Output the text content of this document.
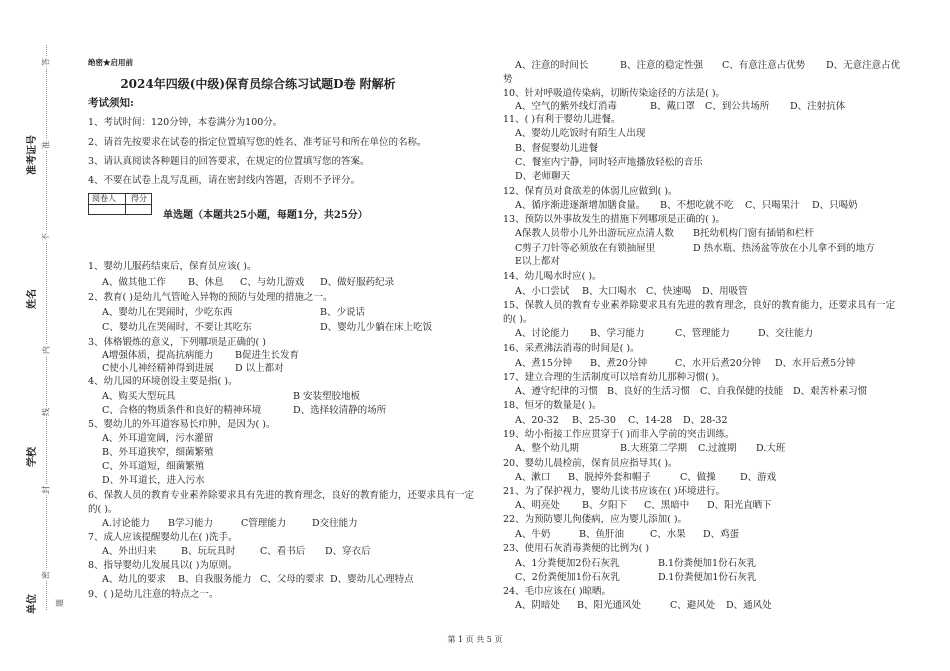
答
准
不
内
线
封
密
题
准考证号
姓名
学校
单位
绝密★启用前
2024年四级(中级)保育员综合练习试题D卷 附解析
考试须知:
1、考试时间：120分钟，本卷满分为100分。
2、请首先按要求在试卷的指定位置填写您的姓名、准考证号和所在单位的名称。
3、请认真阅读各种题目的回答要求，在规定的位置填写您的答案。
4、不要在试卷上乱写乱画，请在密封线内答题，否则不予评分。
阅卷人 得分
单选题（本题共25小题，每题1分，共25分）
1、婴幼儿服药结束后，保育员应该( )。
A、做其他工作 B、休息 C、与幼儿游戏 D、做好服药纪录
2、教育( )是幼儿气管呛入异物的预防与处理的措施之一。
A、婴幼儿在哭闹时，少吃东西	B、少说话
C、婴幼儿在哭闹时，不要让其吃东	D、婴幼儿少躺在床上吃饭
3、体格锻炼的意义，下列哪项是正确的( )
A增强体质，提高抗病能力 B促进生长发育
C使小儿神经精神得到进展 D 以上都对
4、幼儿园的环境创设主要是指( )。
A、购买大型玩具	B 安装塑胶地板
C、合格的物质条件和良好的精神环境	D、选择较清静的场所
5、婴幼儿的外耳道容易长疖肿，是因为( )。
A、外耳道宽阔，污水灌留
B、外耳道狭窄，细菌繁殖
C、外耳道短，细菌繁殖
D、外耳道长，进入污水
6、保教人员的教育专业素养除要求具有先进的教育理念，良好的教育能力，还要求具有一定
的( )。
A.讨论能力 B学习能力	C管理能力	D交往能力
7、成人应该提醒婴幼儿在( )洗手。
A、外出归来	B、玩玩具时	C、看书后 D、穿衣后
8、指导婴幼儿发展具以( )为原则。
A、幼儿的要求 B、自我服务能力 C、父母的要求 D、婴幼儿心理特点
9、( )是幼儿注意的特点之一。
A、注意的时间长	B、注意的稳定性强 C、有意注意占优势 D、无意注意占优
势
10、针对呼吸道传染病，切断传染途径的方法是( )。
A、空气的紫外线灯消毒	B、戴口罩 C、到公共场所 D、注射抗体
11、( )有利于婴幼儿进餐。
A、婴幼儿吃饭时有陌生人出现
B、督促婴幼儿进餐
C、餐室内宁静，同时轻声地播放轻松的音乐
D、老师聊天
12、保育员对食欲差的体弱儿应做到( )。
A、循序渐进逐渐增加膳食量。 B、不想吃就不吃 C、只喝果汁 D、只喝奶
13、预防以外事故发生的措施下列哪项是正确的( )。
A保教人员带小儿外出游玩应点清人数 B托幼机构门窗有插销和栏杆
C剪子刀针等必须放在有锁抽屉里	D 热水瓶、热汤盆等放在小儿拿不到的地方
E以上都对
14、幼儿喝水时应( )。
A、小口尝试 B、大口喝水 C、快速喝 D、用吸管
15、保教人员的教育专业素养除要求具有先进的教育理念，良好的教育能力，还要求具有一定
的( )。
A、讨论能力 B、学习能力	C、管理能力	D、交往能力
16、采煮沸法消毒的时间是( )。
A、煮15分钟 B、煮20分钟	C、水开后煮20分钟 D、水开后煮5分钟
17、建立合理的生活制度可以培育幼儿那种习惯( )。
A、遵守纪律的习惯 B、良好的生活习惯 C、自我保健的技能 D、艰苦朴素习惯
18、恒牙的数量是( )。
A、20-32 B、25-30 C、14-28 D、28-32
19、幼小衔接工作应贯穿于( )而非入学前的突击训练。
A、整个幼儿期	B.大班第二学期 C.过渡期 D.大班
20、婴幼儿晨检前，保育员应指导其( )。
A、漱口 B、脱掉外套和帽子	C、做操	D、游戏
21、为了保护视力，婴幼儿读书应该在( )环境进行。
A、明亮处 B、夕阳下 C、黑暗中 D、阳光直晒下
22、为预防婴儿佝偻病，应为婴儿添加( )。
A、牛奶	B、鱼肝油	C、水果 D、鸡蛋
23、使用石灰消毒粪便的比例为( )
A、1分粪便加2份石灰乳	B.1份粪便加1份石灰乳
C、2份粪便加1份石灰乳	D.1份粪便加1份石灰乳
24、毛巾应该在( )晾晒。
A、阴暗处 B、阳光通风处	C、避风处 D、通风处
第 1 页 共 5 页
